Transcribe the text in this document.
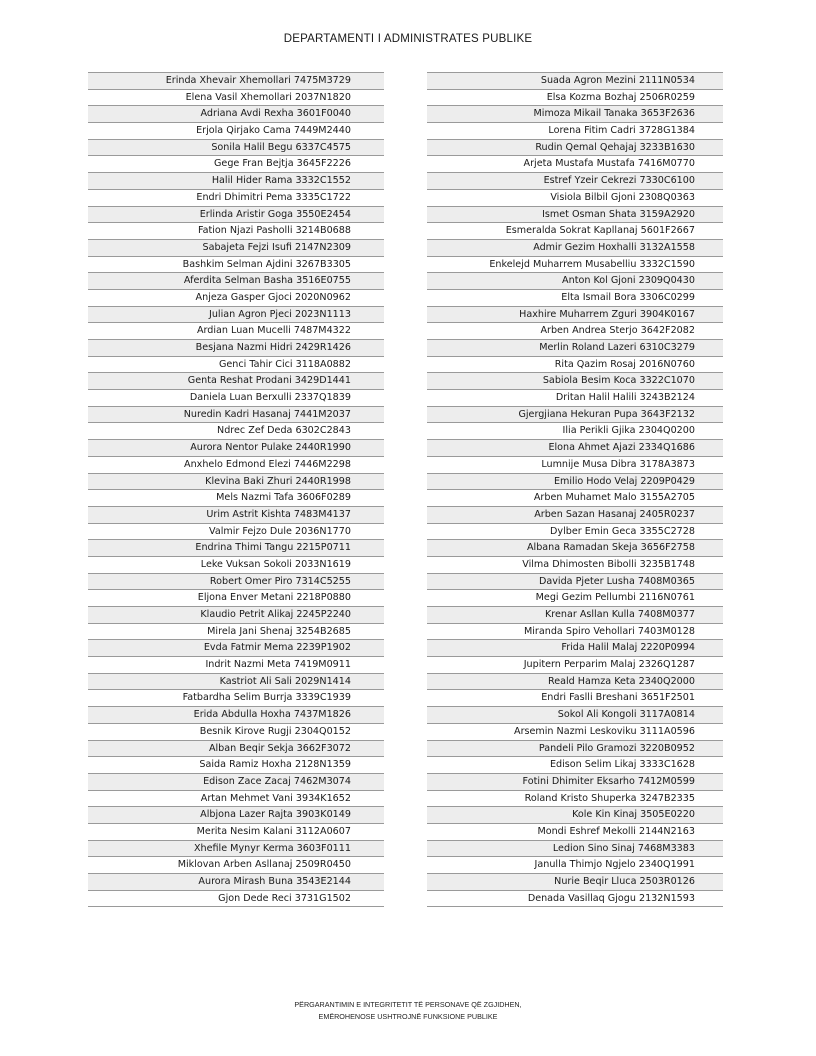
DEPARTAMENTI I ADMINISTRATES PUBLIKE
Erinda Xhevair Xhemollari 7475M3729
Elena Vasil Xhemollari 2037N1820
Adriana Avdi Rexha 3601F0040
Erjola Qirjako Cama 7449M2440
Sonila Halil Begu 6337C4575
Gege Fran Bejtja 3645F2226
Halil Hider Rama 3332C1552
Endri Dhimitri Pema 3335C1722
Erlinda Aristir Goga 3550E2454
Fation Njazi Pasholli 3214B0688
Sabajeta Fejzi Isufi 2147N2309
Bashkim Selman Ajdini 3267B3305
Aferdita Selman Basha 3516E0755
Anjeza Gasper Gjoci 2020N0962
Julian Agron Pjeci 2023N1113
Ardian Luan Mucelli 7487M4322
Besjana Nazmi Hidri 2429R1426
Genci Tahir Cici 3118A0882
Genta Reshat Prodani 3429D1441
Daniela Luan Berxulli 2337Q1839
Nuredin Kadri Hasanaj 7441M2037
Ndrec Zef Deda 6302C2843
Aurora Nentor Pulake 2440R1990
Anxhelo Edmond Elezi 7446M2298
Klevina Baki Zhuri 2440R1998
Mels Nazmi Tafa 3606F0289
Urim Astrit Kishta 7483M4137
Valmir Fejzo Dule 2036N1770
Endrina Thimi Tangu 2215P0711
Leke Vuksan Sokoli 2033N1619
Robert Omer Piro 7314C5255
Eljona Enver Metani 2218P0880
Klaudio Petrit Alikaj 2245P2240
Mirela Jani Shenaj 3254B2685
Evda Fatmir Mema 2239P1902
Indrit Nazmi Meta 7419M0911
Kastriot Ali Sali 2029N1414
Fatbardha Selim Burrja 3339C1939
Erida Abdulla Hoxha 7437M1826
Besnik Kirove Rugji 2304Q0152
Alban Beqir Sekja 3662F3072
Saida Ramiz Hoxha 2128N1359
Edison Zace Zacaj 7462M3074
Artan Mehmet Vani 3934K1652
Albjona Lazer Rajta 3903K0149
Merita Nesim Kalani 3112A0607
Xhefile Mynyr Kerma 3603F0111
Miklovan Arben Asllanaj 2509R0450
Aurora Mirash Buna 3543E2144
Gjon Dede Reci 3731G1502
Suada Agron Mezini 2111N0534
Elsa Kozma Bozhaj 2506R0259
Mimoza Mikail Tanaka 3653F2636
Lorena Fitim Cadri 3728G1384
Rudin Qemal Qehajaj 3233B1630
Arjeta Mustafa Mustafa 7416M0770
Estref Yzeir Cekrezi 7330C6100
Visiola Bilbil Gjoni 2308Q0363
Ismet Osman Shata 3159A2920
Esmeralda Sokrat Kapllanaj 5601F2667
Admir Gezim Hoxhalli 3132A1558
Enkelejd Muharrem Musabelliu 3332C1590
Anton Kol Gjoni 2309Q0430
Elta Ismail Bora 3306C0299
Haxhire Muharrem Zguri 3904K0167
Arben Andrea Sterjo 3642F2082
Merlin Roland Lazeri 6310C3279
Rita Qazim Rosaj 2016N0760
Sabiola Besim Koca 3322C1070
Dritan Halil Halili 3243B2124
Gjergjiana Hekuran Pupa 3643F2132
Ilia Perikli Gjika 2304Q0200
Elona Ahmet Ajazi 2334Q1686
Lumnije Musa Dibra 3178A3873
Emilio Hodo Velaj 2209P0429
Arben Muhamet Malo 3155A2705
Arben Sazan Hasanaj 2405R0237
Dylber Emin Geca 3355C2728
Albana Ramadan Skeja 3656F2758
Vilma Dhimosten Bibolli 3235B1748
Davida Pjeter Lusha 7408M0365
Megi Gezim Pellumbi 2116N0761
Krenar Asllan Kulla 7408M0377
Miranda Spiro Vehollari 7403M0128
Frida Halil Malaj 2220P0994
Jupitern Perparim Malaj 2326Q1287
Reald Hamza Keta 2340Q2000
Endri Faslli Breshani 3651F2501
Sokol Ali Kongoli 3117A0814
Arsemin Nazmi Leskoviku 3111A0596
Pandeli Pilo Gramozi 3220B0952
Edison Selim Likaj 3333C1628
Fotini Dhimiter Eksarho 7412M0599
Roland Kristo Shuperka 3247B2335
Kole Kin Kinaj 3505E0220
Mondi Eshref Mekolli 2144N2163
Ledion Sino Sinaj 7468M3383
Janulla Thimjo Ngjelo 2340Q1991
Nurie Beqir Lluca 2503R0126
Denada Vasillaq Gjogu 2132N1593
PËRGARANTIMIN E INTEGRITETIT TË PERSONAVE QË ZGJIDHEN,
EMËROHENOSE USHTROJNË FUNKSIONE PUBLIKE
